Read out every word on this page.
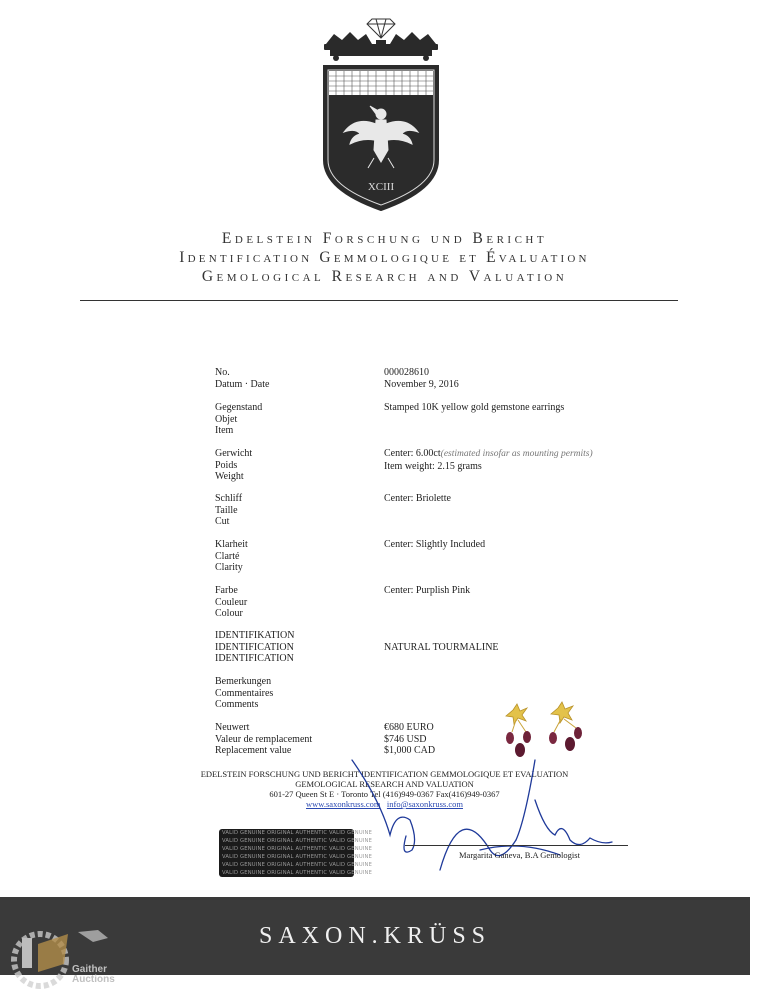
XCIII
Edelstein Forschung und Bericht
Identification Gemmologique et Évaluation
Gemological Research and Valuation
No.
Datum · Date
000028610
November 9, 2016
Gegenstand
Objet
Item
Stamped 10K yellow gold gemstone earrings
Gerwicht
Poids
Weight
Center: 6.00ct(estimated insofar as mounting permits)
Item weight: 2.15 grams
Schliff
Taille
Cut
Center: Briolette
Klarheit
Clarté
Clarity
Center: Slightly Included
Farbe
Couleur
Colour
Center: Purplish Pink
IDENTIFIKATION
IDENTIFICATION
IDENTIFICATION
NATURAL TOURMALINE
Bemerkungen
Commentaires
Comments
Neuwert
Valeur de remplacement
Replacement value
€680 EURO
$746 USD
$1,000 CAD
EDELSTEIN FORSCHUNG UND BERICHT IDENTIFICATION GEMMOLOGIQUE ET EVALUATION
GEMOLOGICAL RESEARCH AND VALUATION
601-27 Queen St E · Toronto Tel (416)949-0367 Fax(416)949-0367
www.saxonkruss.com info@saxonkruss.com
Margarita Ganeva, B.A Gemologist
VALID GENUINE ORIGINAL AUTHENTIC VALID GENUINE
VALID GENUINE ORIGINAL AUTHENTIC VALID GENUINE
VALID GENUINE ORIGINAL AUTHENTIC VALID GENUINE
VALID GENUINE ORIGINAL AUTHENTIC VALID GENUINE
VALID GENUINE ORIGINAL AUTHENTIC VALID GENUINE
VALID GENUINE ORIGINAL AUTHENTIC VALID GENUINE
SAXON.KRÜSS
Gaither
Auctions
